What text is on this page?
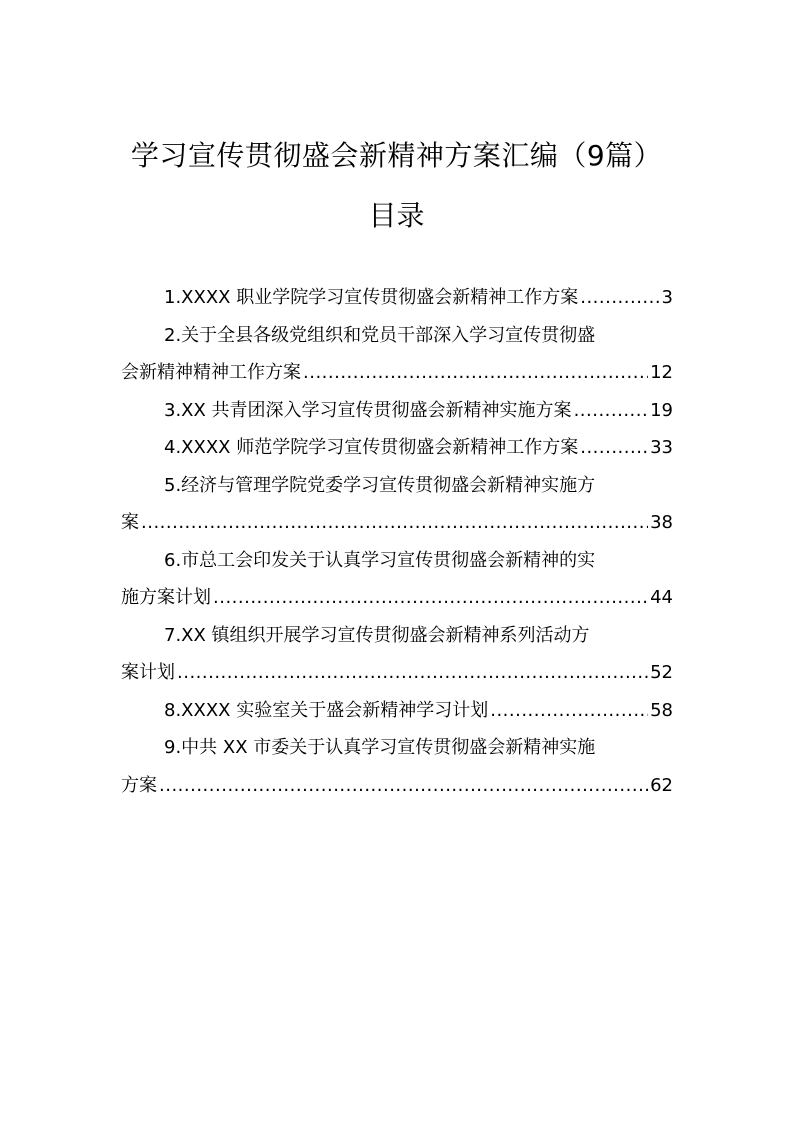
学习宣传贯彻盛会新精神方案汇编（9篇）
目录
1.XXXX 职业学院学习宣传贯彻盛会新精神工作方案 .....	3
2.关于全县各级党组织和党员干部深入学习宣传贯彻盛
会新精神精神工作方案 .....	12
3.XX 共青团深入学习宣传贯彻盛会新精神实施方案 .....	19
4.XXXX 师范学院学习宣传贯彻盛会新精神工作方案 .....	33
5.经济与管理学院党委学习宣传贯彻盛会新精神实施方
案 .....	38
6.市总工会印发关于认真学习宣传贯彻盛会新精神的实
施方案计划 .....	44
7.XX 镇组织开展学习宣传贯彻盛会新精神系列活动方
案计划 .....	52
8.XXXX 实验室关于盛会新精神学习计划 .....	58
9.中共 XX 市委关于认真学习宣传贯彻盛会新精神实施
方案 .....	62
